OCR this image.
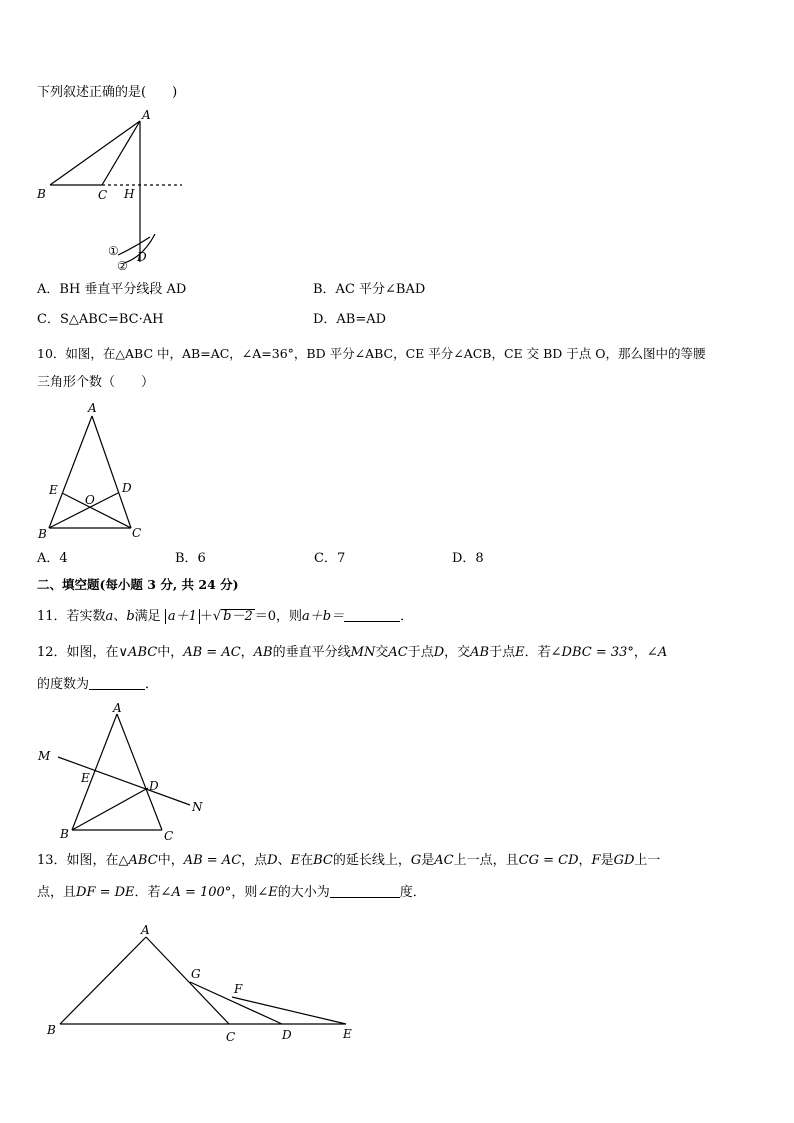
下列叙述正确的是(　　)
A
B	C H
D
①
②
A．BH 垂直平分线段 AD	B．AC 平分∠BAD
C．S△ABC=BC·AH	D．AB=AD
10．如图，在△ABC 中，AB=AC，∠A=36°，BD 平分∠ABC，CE 平分∠ACB，CE 交 BD 于点 O，那么图中的等腰
三角形个数（　　）
A
E	D
O
B	C
A．4	B．6	C．7	D．8
二、填空题(每小题 3 分, 共 24 分)
11．若实数a、b满足 a＋1 ＋√ b－2 ＝0，则a＋b＝	．
12．如图，在∨ABC中，AB = AC，AB的垂直平分线MN交AC于点D，交AB于点E．若∠DBC = 33°，∠A
的度数为	．
A
M
E
D
N
B	C
13．如图，在△ABC中，AB = AC，点D、E在BC的延长线上，G是AC上一点，且CG = CD，F是GD上一
点，且DF = DE．若∠A = 100°，则∠E的大小为	度．
A
G
F
B	C	D	E
